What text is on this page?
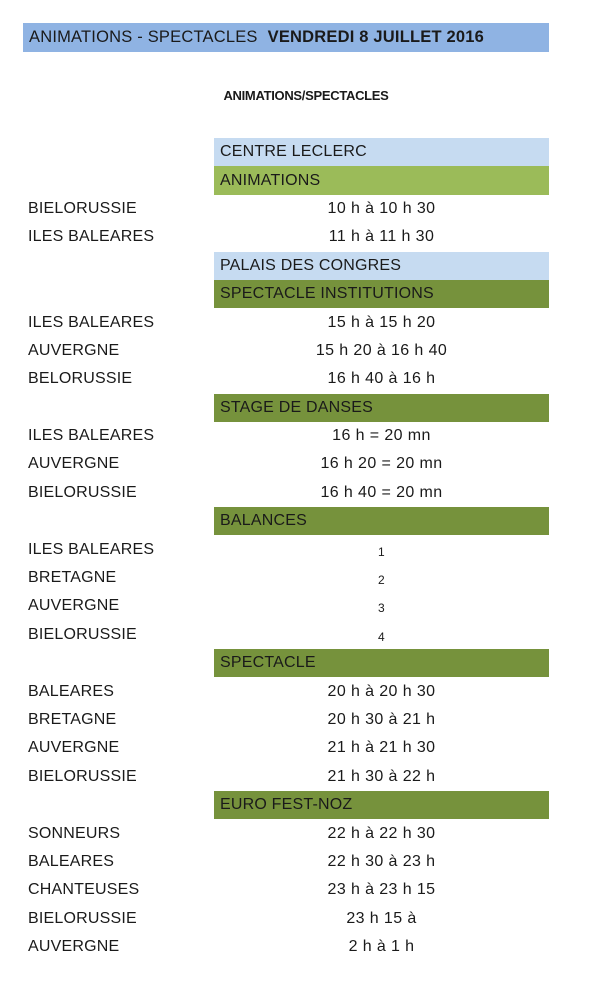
ANIMATIONS - SPECTACLES VENDREDI 8 JUILLET 2016
ANIMATIONS/SPECTACLES
CENTRE LECLERC
ANIMATIONS
BIELORUSSIE	10 h à 10 h 30
ILES BALEARES	11 h à 11 h 30
PALAIS DES CONGRES
SPECTACLE INSTITUTIONS
ILES BALEARES	15 h à 15 h 20
AUVERGNE	15 h 20 à 16 h 40
BELORUSSIE	16 h 40 à 16 h
STAGE DE DANSES
ILES BALEARES	16 h = 20 mn
AUVERGNE	16 h 20 = 20 mn
BIELORUSSIE	16 h 40 = 20 mn
BALANCES
ILES BALEARES	1
BRETAGNE	2
AUVERGNE	3
BIELORUSSIE	4
SPECTACLE
BALEARES	20 h à 20 h 30
BRETAGNE	20 h 30 à 21 h
AUVERGNE	21 h à 21 h 30
BIELORUSSIE	21 h 30 à 22 h
EURO FEST-NOZ
SONNEURS	22 h à 22 h 30
BALEARES	22 h 30 à 23 h
CHANTEUSES	23 h à 23 h 15
BIELORUSSIE	23 h 15 à
AUVERGNE	2 h à 1 h
